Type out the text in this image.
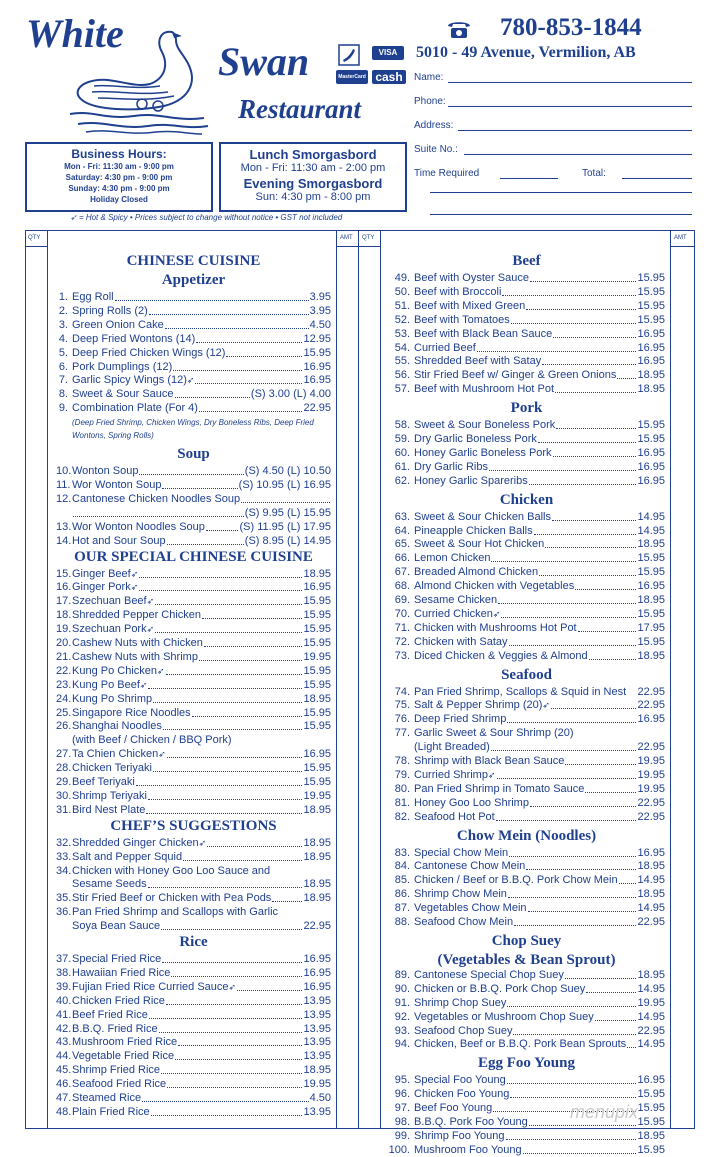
White
Swan
Restaurant
VISA
MasterCard cash
780-853-1844
5010 - 49 Avenue, Vermilion, AB
Name:
Phone:
Address:
Suite No.:
Time Required	Total:
Business Hours:
Mon - Fri: 11:30 am - 9:00 pm
Saturday: 4:30 pm - 9:00 pm
Sunday: 4:30 pm - 9:00 pm
Holiday Closed
Lunch Smorgasbord
Mon - Fri: 11:30 am - 2:00 pm
Evening Smorgasbord
Sun: 4:30 pm - 8:00 pm
➶ = Hot & Spicy • Prices subject to change without notice • GST not included
QTY	AMT QTY	AMT
CHINESE CUISINE
Appetizer
1. Egg Roll	3.95
2. Spring Rolls (2)	3.95
3. Green Onion Cake	4.50
4. Deep Fried Wontons (14)	12.95
5. Deep Fried Chicken Wings (12)	15.95
6. Pork Dumplings (12)	16.95
7. Garlic Spicy Wings (12) ➶	16.95
8. Sweet & Sour Sauce	(S) 3.00 (L) 4.00
9. Combination Plate (For 4)	22.95
(Deep Fried Shrimp, Chicken Wings, Dry Boneless Ribs, Deep Fried Wontons, Spring Rolls)
Soup
10. Wonton Soup	(S) 4.50 (L) 10.50
11. Wor Wonton Soup	(S) 10.95 (L) 16.95
12. Cantonese Chicken Noodles Soup
(S) 9.95 (L) 15.95
13. Wor Wonton Noodles Soup	(S) 11.95 (L) 17.95
14. Hot and Sour Soup	(S) 8.95 (L) 14.95
OUR SPECIAL CHINESE CUISINE
15. Ginger Beef ➶	18.95
16. Ginger Pork ➶	16.95
17. Szechuan Beef ➶	15.95
18. Shredded Pepper Chicken	15.95
19. Szechuan Pork ➶	15.95
20. Cashew Nuts with Chicken	15.95
21. Cashew Nuts with Shrimp	19.95
22. Kung Po Chicken ➶	15.95
23. Kung Po Beef ➶	15.95
24. Kung Po Shrimp	18.95
25. Singapore Rice Noodles	15.95
26. Shanghai Noodles	15.95
(with Beef / Chicken / BBQ Pork)
27. Ta Chien Chicken ➶	16.95
28. Chicken Teriyaki	15.95
29. Beef Teriyaki	15.95
30. Shrimp Teriyaki	19.95
31. Bird Nest Plate	18.95
CHEF’S SUGGESTIONS
32. Shredded Ginger Chicken ➶	18.95
33. Salt and Pepper Squid	18.95
34. Chicken with Honey Goo Loo Sauce and
Sesame Seeds	18.95
35. Stir Fried Beef or Chicken with Pea Pods	18.95
36. Pan Fried Shrimp and Scallops with Garlic
Soya Bean Sauce	22.95
Rice
37. Special Fried Rice	16.95
38. Hawaiian Fried Rice	16.95
39. Fujian Fried Rice Curried Sauce ➶	16.95
40. Chicken Fried Rice	13.95
41. Beef Fried Rice	13.95
42. B.B.Q. Fried Rice	13.95
43. Mushroom Fried Rice	13.95
44. Vegetable Fried Rice	13.95
45. Shrimp Fried Rice	18.95
46. Seafood Fried Rice	19.95
47. Steamed Rice	4.50
48. Plain Fried Rice	13.95
Beef
49. Beef with Oyster Sauce	15.95
50. Beef with Broccoli	15.95
51. Beef with Mixed Green	15.95
52. Beef with Tomatoes	15.95
53. Beef with Black Bean Sauce	16.95
54. Curried Beef	16.95
55. Shredded Beef with Satay	16.95
56. Stir Fried Beef w/ Ginger & Green Onions 18.95
57. Beef with Mushroom Hot Pot	18.95
Pork
58. Sweet & Sour Boneless Pork	15.95
59. Dry Garlic Boneless Pork	15.95
60. Honey Garlic Boneless Pork	16.95
61. Dry Garlic Ribs	16.95
62. Honey Garlic Spareribs	16.95
Chicken
63. Sweet & Sour Chicken Balls	14.95
64. Pineapple Chicken Balls	14.95
65. Sweet & Sour Hot Chicken	18.95
66. Lemon Chicken	15.95
67. Breaded Almond Chicken	15.95
68. Almond Chicken with Vegetables	16.95
69. Sesame Chicken	18.95
70. Curried Chicken ➶	15.95
71. Chicken with Mushrooms Hot Pot	17.95
72. Chicken with Satay	15.95
73. Diced Chicken & Veggies & Almond	18.95
Seafood
74. Pan Fried Shrimp, Scallops & Squid in Nest 22.95
75. Salt & Pepper Shrimp (20) ➶	22.95
76. Deep Fried Shrimp	16.95
77. Garlic Sweet & Sour Shrimp (20)
(Light Breaded)	22.95
78. Shrimp with Black Bean Sauce	19.95
79. Curried Shrimp ➶	19.95
80. Pan Fried Shrimp in Tomato Sauce	19.95
81. Honey Goo Loo Shrimp	22.95
82. Seafood Hot Pot	22.95
Chow Mein (Noodles)
83. Special Chow Mein	16.95
84. Cantonese Chow Mein	18.95
85. Chicken / Beef or B.B.Q. Pork Chow Mein 14.95
86. Shrimp Chow Mein	18.95
87. Vegetables Chow Mein	14.95
88. Seafood Chow Mein	22.95
Chop Suey
(Vegetables & Bean Sprout)
89. Cantonese Special Chop Suey	18.95
90. Chicken or B.B.Q. Pork Chop Suey	14.95
91. Shrimp Chop Suey	19.95
92. Vegetables or Mushroom Chop Suey	14.95
93. Seafood Chop Suey	22.95
94. Chicken, Beef or B.B.Q. Pork Bean Sprouts 14.95
Egg Foo Young
95. Special Foo Young	16.95
96. Chicken Foo Young	15.95
97. Beef Foo Young	15.95
98. B.B.Q. Pork Foo Young	15.95
99. Shrimp Foo Young	18.95
100. Mushroom Foo Young	15.95
menupix
